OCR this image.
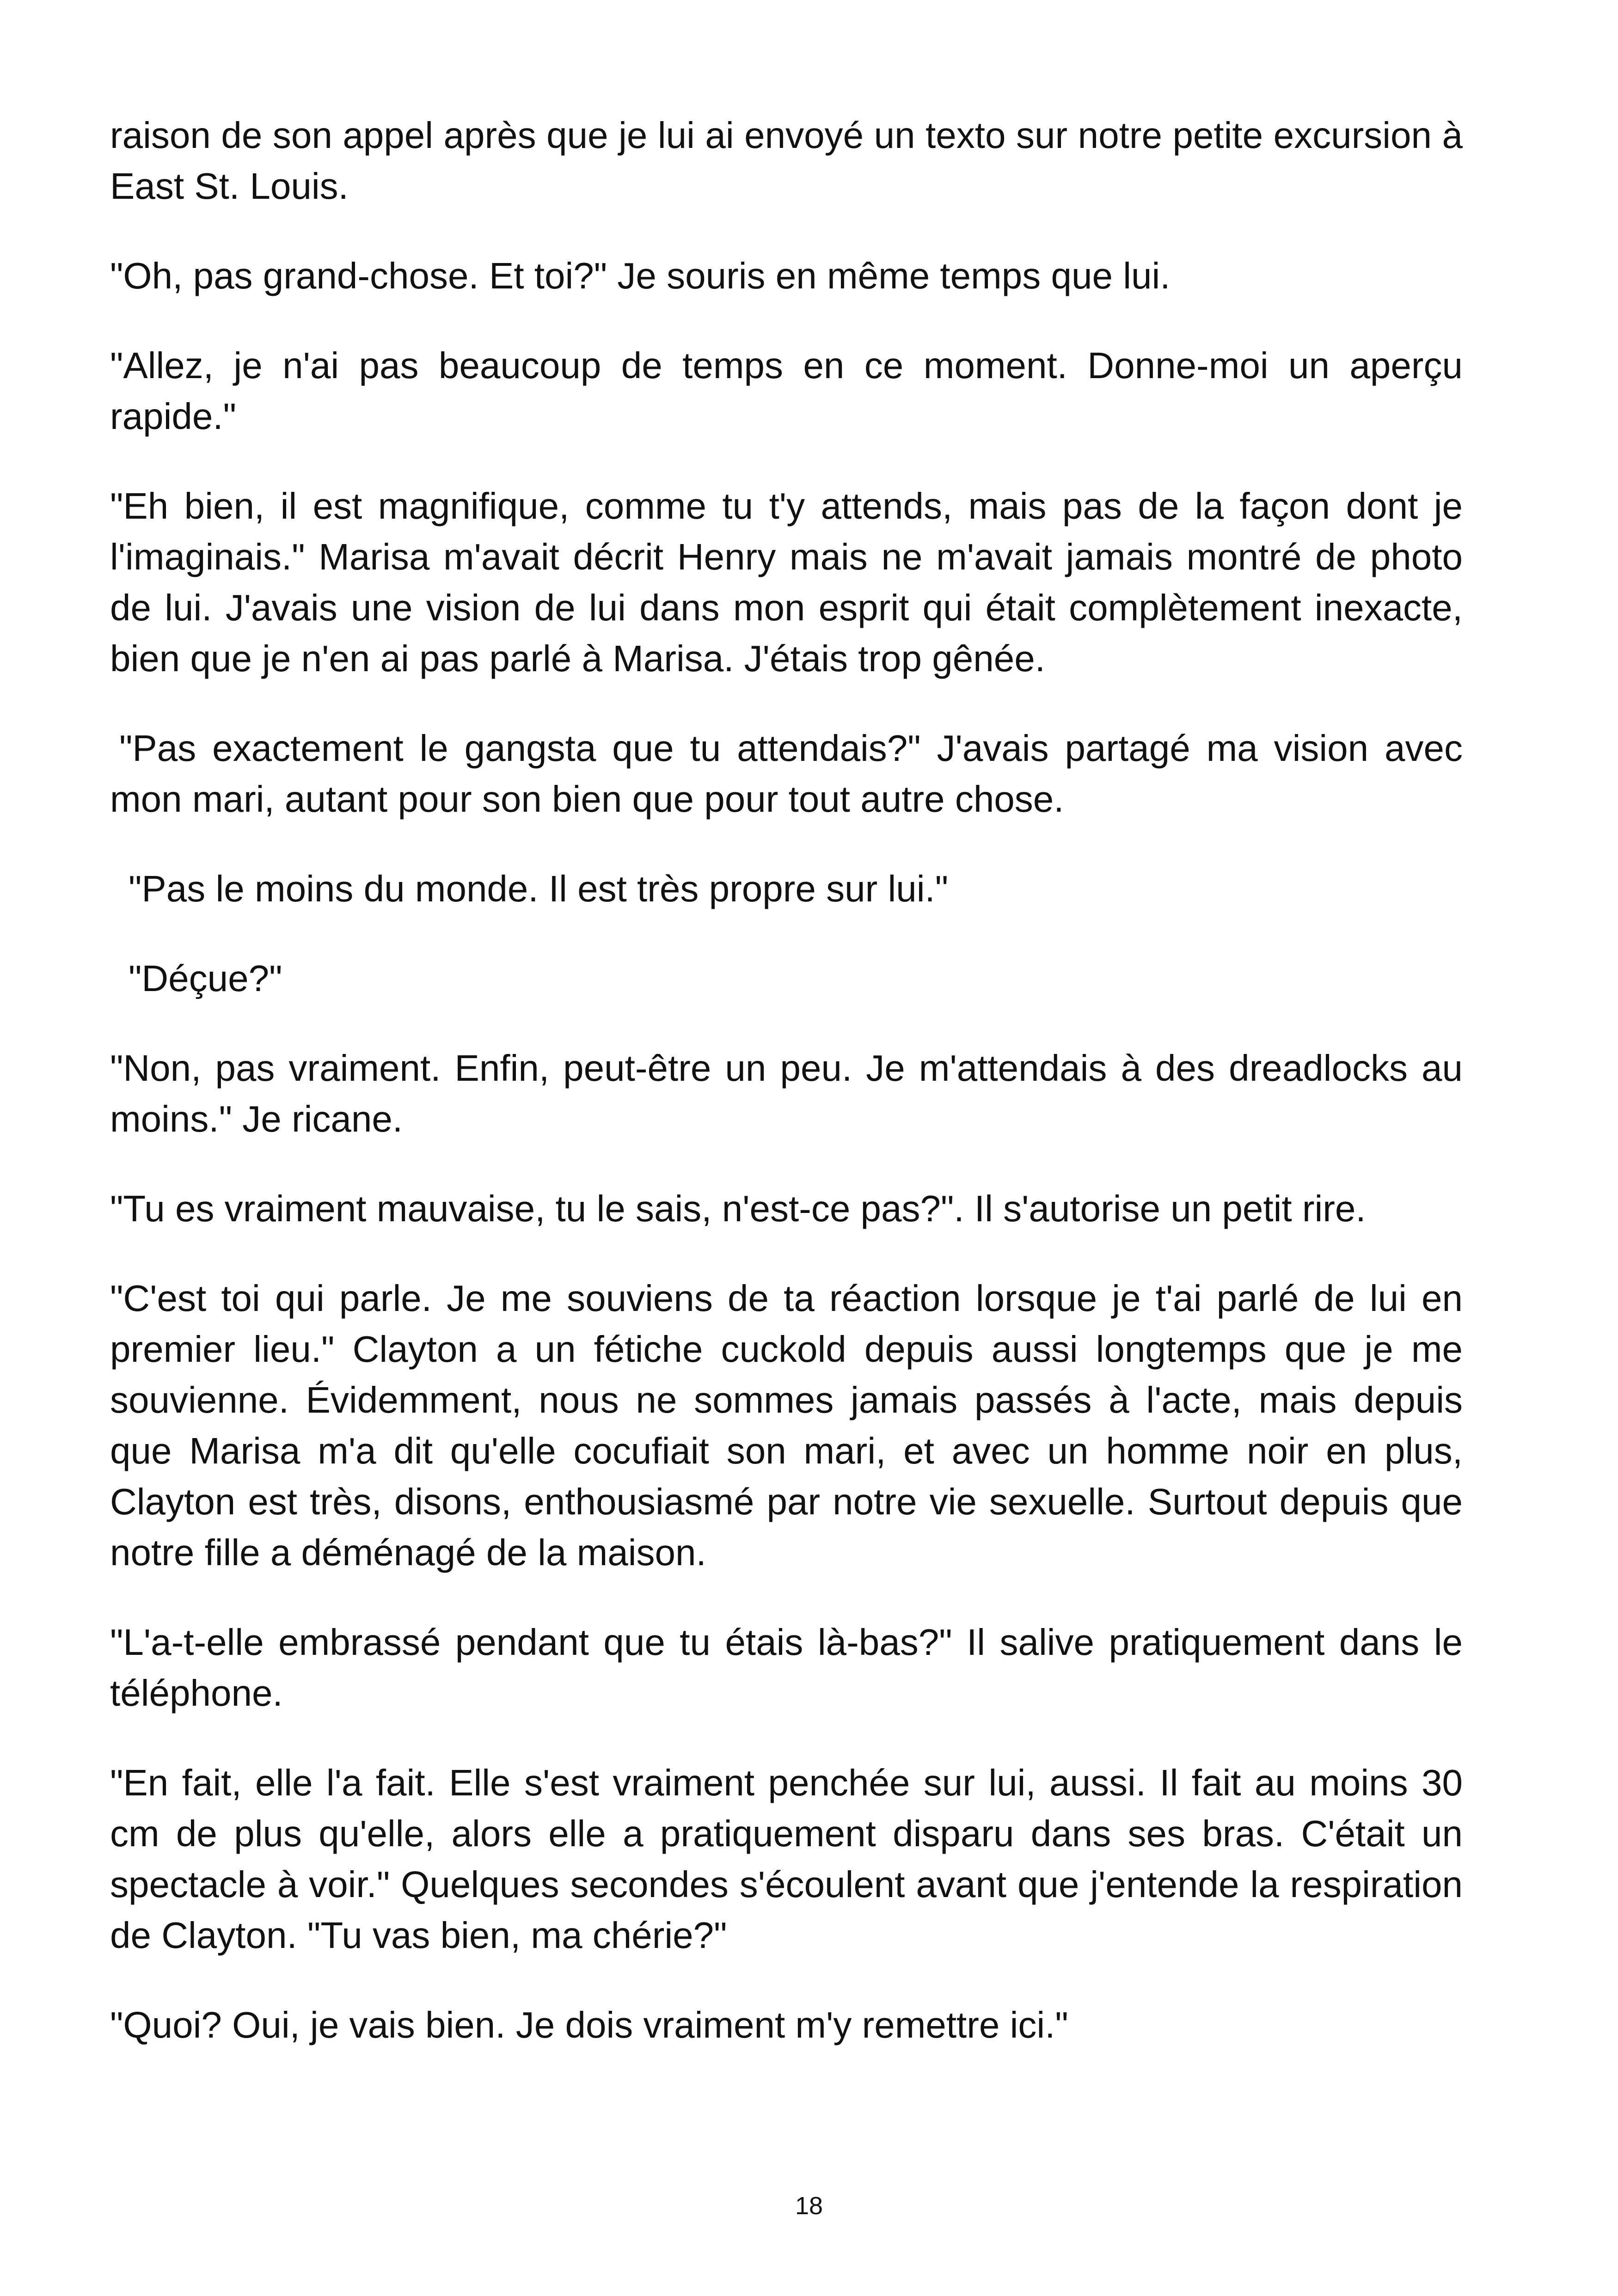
raison de son appel après que je lui ai envoyé un texto sur notre petite excursion à East St. Louis.

"Oh, pas grand-chose. Et toi?" Je souris en même temps que lui.

"Allez, je n'ai pas beaucoup de temps en ce moment. Donne-moi un aperçu rapide."

"Eh bien, il est magnifique, comme tu t'y attends, mais pas de la façon dont je l'imaginais." Marisa m'avait décrit Henry mais ne m'avait jamais montré de photo de lui. J'avais une vision de lui dans mon esprit qui était complètement inexacte, bien que je n'en ai pas parlé à Marisa. J'étais trop gênée.

"Pas exactement le gangsta que tu attendais?" J'avais partagé ma vision avec mon mari, autant pour son bien que pour tout autre chose.

"Pas le moins du monde. Il est très propre sur lui."

"Déçue?"

"Non, pas vraiment. Enfin, peut-être un peu. Je m'attendais à des dreadlocks au moins." Je ricane.

"Tu es vraiment mauvaise, tu le sais, n'est-ce pas?". Il s'autorise un petit rire.

"C'est toi qui parle. Je me souviens de ta réaction lorsque je t'ai parlé de lui en premier lieu." Clayton a un fétiche cuckold depuis aussi longtemps que je me souvienne. Évidemment, nous ne sommes jamais passés à l'acte, mais depuis que Marisa m'a dit qu'elle cocufiait son mari, et avec un homme noir en plus, Clayton est très, disons, enthousiasmé par notre vie sexuelle. Surtout depuis que notre fille a déménagé de la maison.

"L'a-t-elle embrassé pendant que tu étais là-bas?" Il salive pratiquement dans le téléphone.

"En fait, elle l'a fait. Elle s'est vraiment penchée sur lui, aussi. Il fait au moins 30 cm de plus qu'elle, alors elle a pratiquement disparu dans ses bras. C'était un spectacle à voir." Quelques secondes s'écoulent avant que j'entende la respiration de Clayton. "Tu vas bien, ma chérie?"

"Quoi? Oui, je vais bien. Je dois vraiment m'y remettre ici."

18
